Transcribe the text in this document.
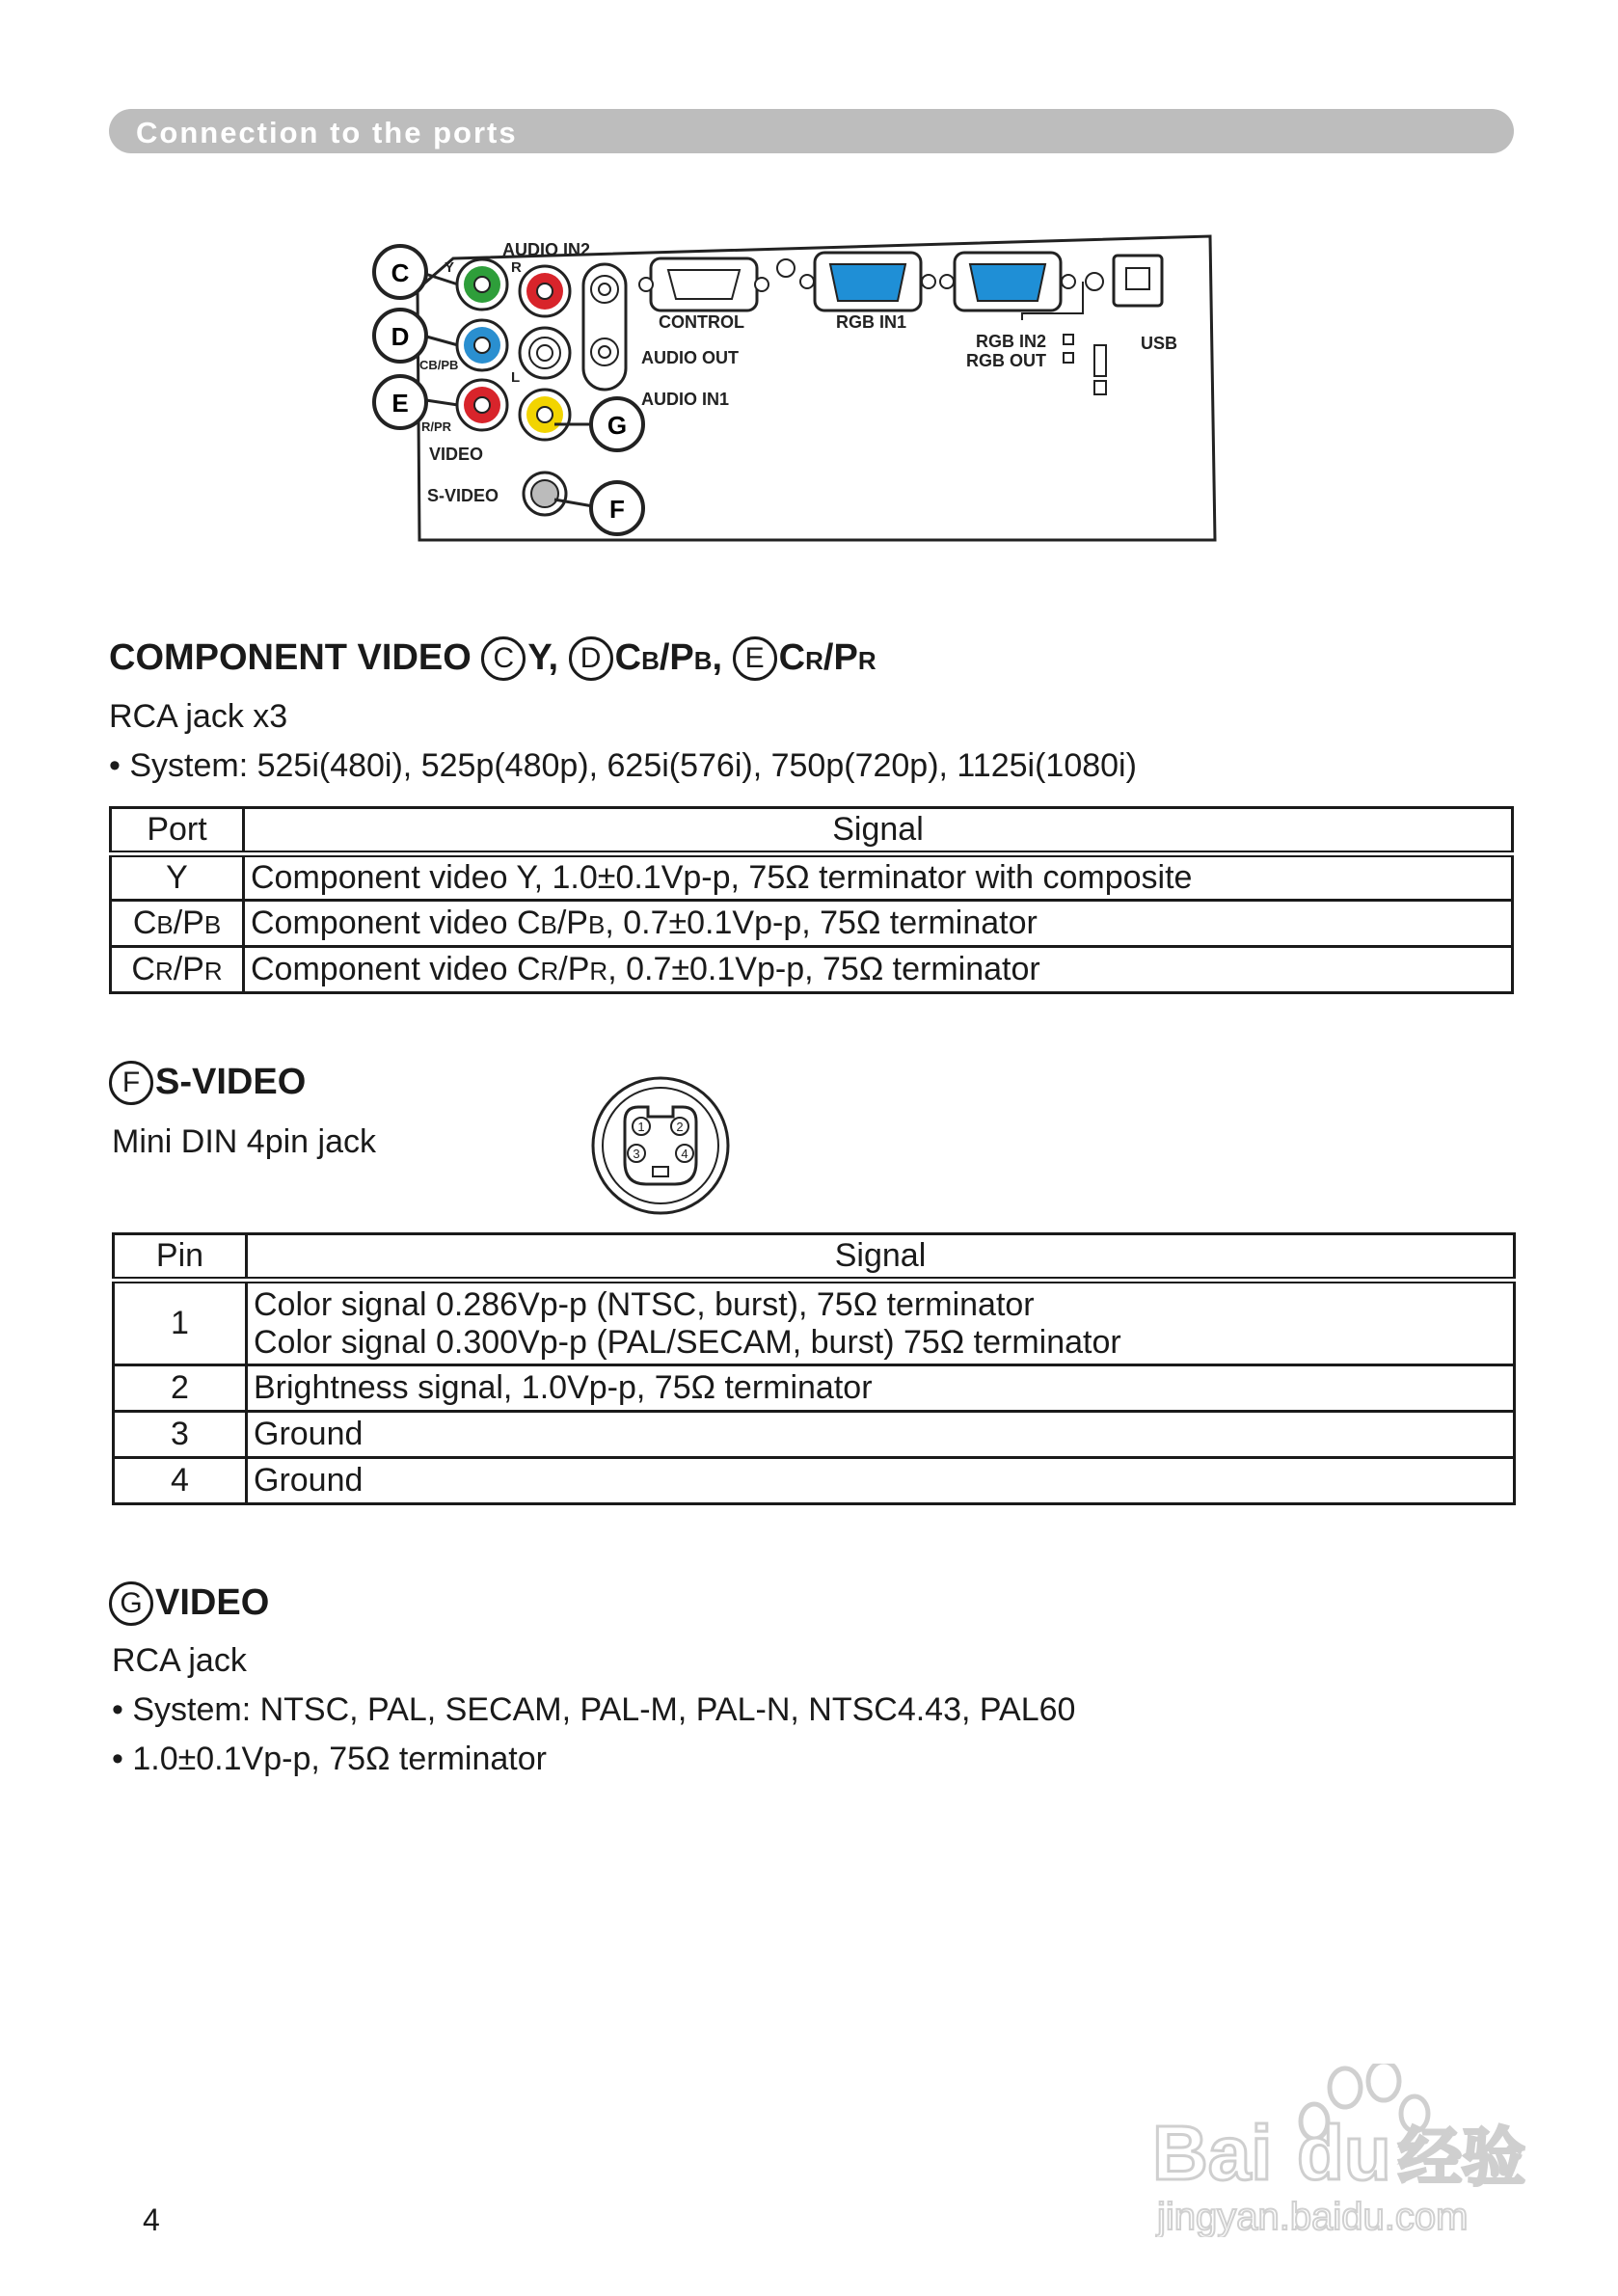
Connection to the ports
C
D
E
G
F
Y
CB/PB
R/PR
VIDEO
S-VIDEO
AUDIO IN2
R
L
CONTROL	RGB IN1
RGB IN2
RGB OUT
USB
AUDIO OUT
AUDIO IN1
COMPONENT VIDEO C Y, D CB/PB, E CR/PR
RCA jack x3
• System: 525i(480i), 525p(480p), 625i(576i), 750p(720p), 1125i(1080i)
Port	Signal
Y	Component video Y, 1.0±0.1Vp-p, 75Ω terminator with composite
CB/PB	Component video CB/PB, 0.7±0.1Vp-p, 75Ω terminator
CR/PR	Component video CR/PR, 0.7±0.1Vp-p, 75Ω terminator
F S-VIDEO
Mini DIN 4pin jack	1	2
3	4
Pin	Signal
1	Color signal 0.286Vp-p (NTSC, burst), 75Ω terminator
Color signal 0.300Vp-p (PAL/SECAM, burst) 75Ω terminator

2	Brightness signal, 1.0Vp-p, 75Ω terminator
3	Ground
4	Ground
G VIDEO
RCA jack
• System: NTSC, PAL, SECAM, PAL-M, PAL-N, NTSC4.43, PAL60
• 1.0±0.1Vp-p, 75Ω terminator
4
Bai du 经验
jingyan.baidu.com
